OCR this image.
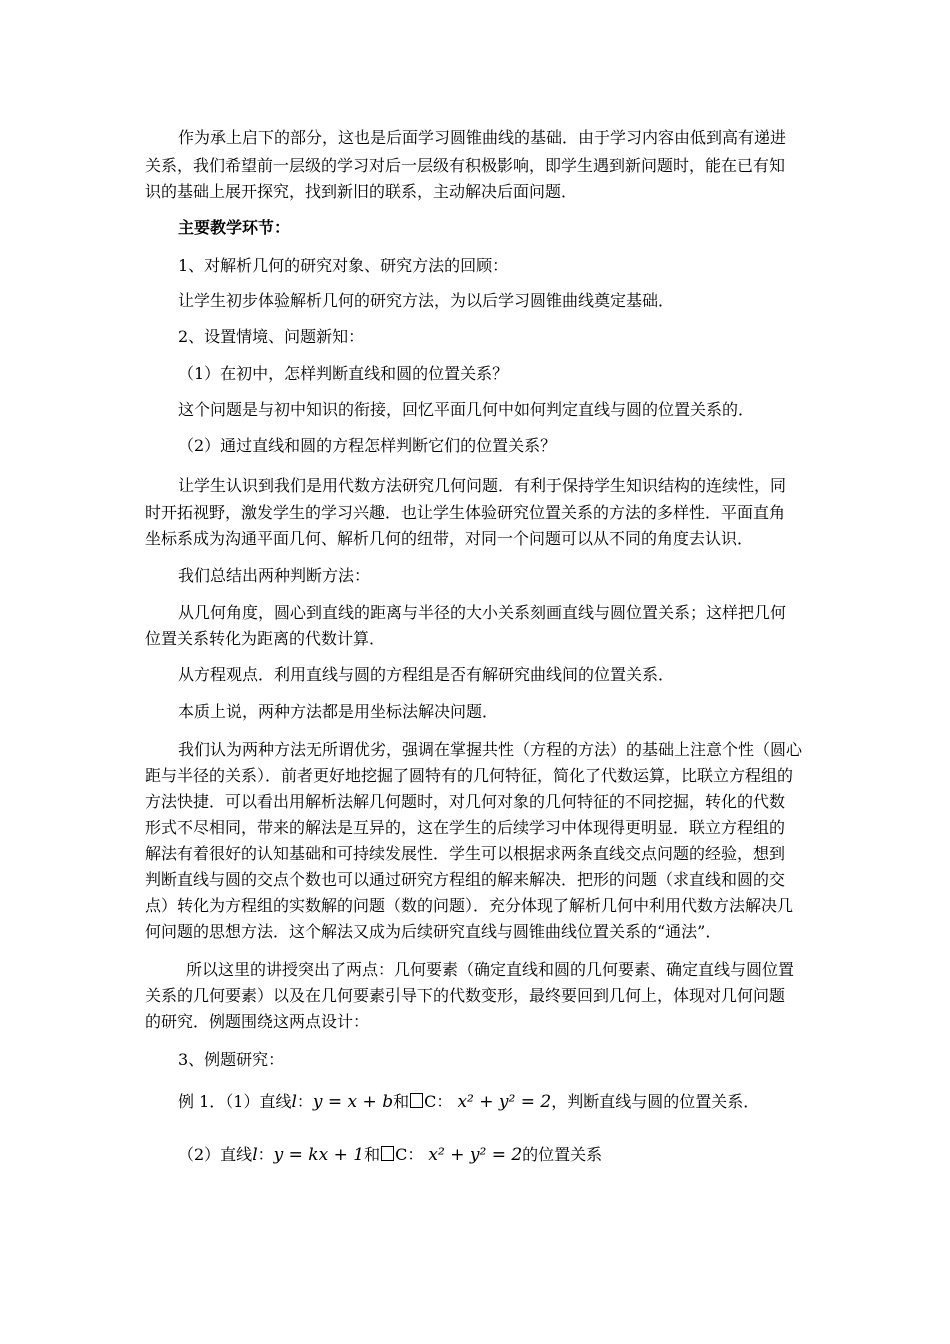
作为承上启下的部分，这也是后面学习圆锥曲线的基础．由于学习内容由低到高有递进
关系，我们希望前一层级的学习对后一层级有积极影响，即学生遇到新问题时，能在已有知
识的基础上展开探究，找到新旧的联系，主动解决后面问题．
主要教学环节：
1、对解析几何的研究对象、研究方法的回顾：
让学生初步体验解析几何的研究方法，为以后学习圆锥曲线奠定基础．
2、设置情境、问题新知：
（1）在初中，怎样判断直线和圆的位置关系？
这个问题是与初中知识的衔接，回忆平面几何中如何判定直线与圆的位置关系的．
（2）通过直线和圆的方程怎样判断它们的位置关系？
让学生认识到我们是用代数方法研究几何问题．有利于保持学生知识结构的连续性，同
时开拓视野，激发学生的学习兴趣．也让学生体验研究位置关系的方法的多样性．平面直角
坐标系成为沟通平面几何、解析几何的纽带，对同一个问题可以从不同的角度去认识．
我们总结出两种判断方法：
从几何角度，圆心到直线的距离与半径的大小关系刻画直线与圆位置关系；这样把几何
位置关系转化为距离的代数计算．
从方程观点．利用直线与圆的方程组是否有解研究曲线间的位置关系．
本质上说，两种方法都是用坐标法解决问题．
我们认为两种方法无所谓优劣，强调在掌握共性（方程的方法）的基础上注意个性（圆心
距与半径的关系）．前者更好地挖掘了圆特有的几何特征，简化了代数运算，比联立方程组的
方法快捷．可以看出用解析法解几何题时，对几何对象的几何特征的不同挖掘，转化的代数
形式不尽相同，带来的解法是互异的，这在学生的后续学习中体现得更明显．联立方程组的
解法有着很好的认知基础和可持续发展性．学生可以根据求两条直线交点问题的经验，想到
判断直线与圆的交点个数也可以通过研究方程组的解来解决．把形的问题（求直线和圆的交
点）转化为方程组的实数解的问题（数的问题）．充分体现了解析几何中利用代数方法解决几
何问题的思想方法．这个解法又成为后续研究直线与圆锥曲线位置关系的“通法”．
所以这里的讲授突出了两点：几何要素（确定直线和圆的几何要素、确定直线与圆位置
关系的几何要素）以及在几何要素引导下的代数变形，最终要回到几何上，体现对几何问题
的研究．例题围绕这两点设计：
3、例题研究：
例 1．（1）直线l：y = x + b和 C： x² + y² = 2，判断直线与圆的位置关系．
（2）直线l：y = kx + 1和 C： x² + y² = 2的位置关系
